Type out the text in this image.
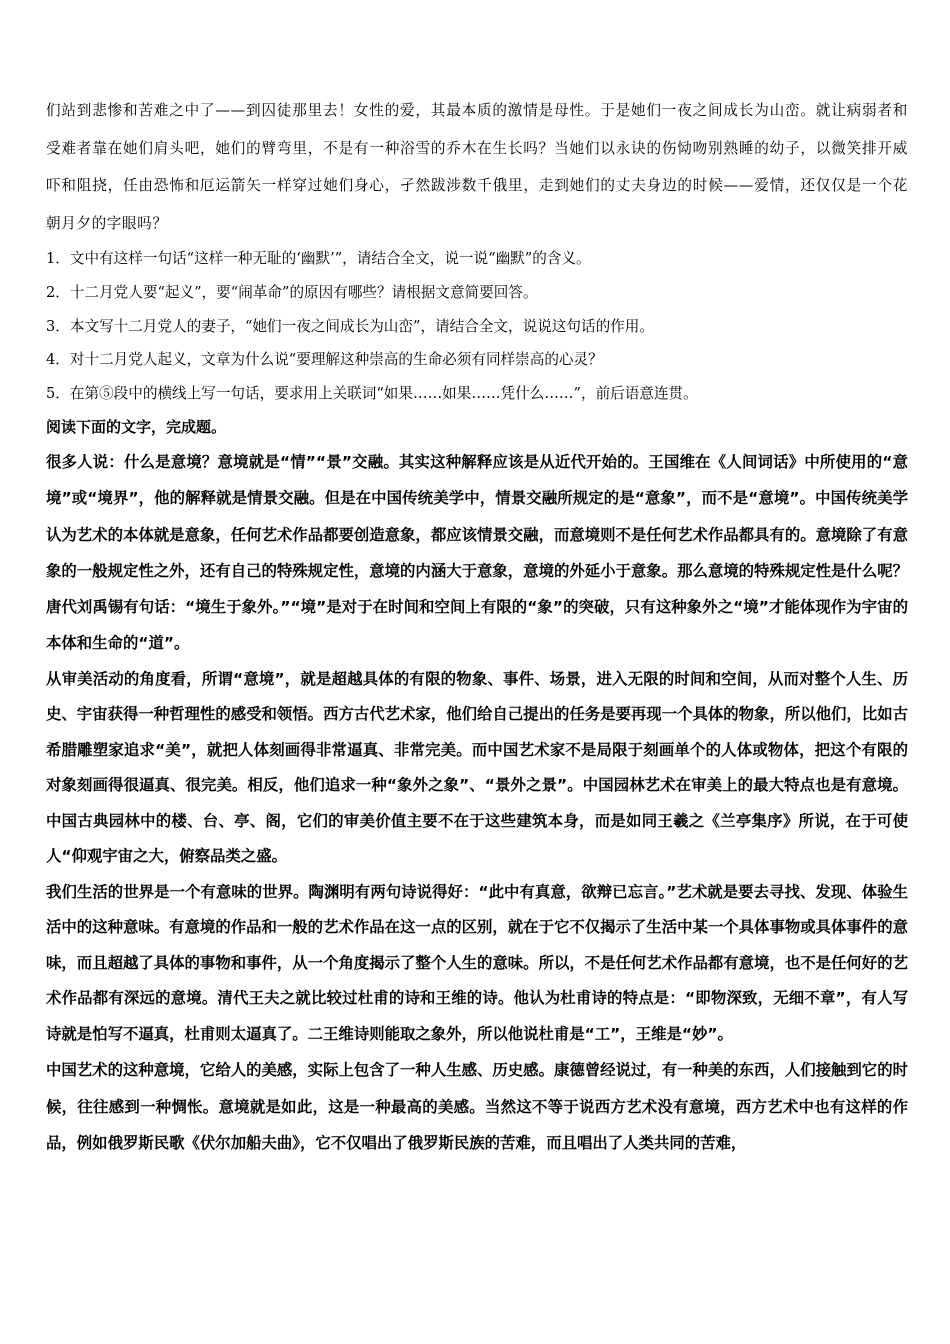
们站到悲惨和苦难之中了——到囚徒那里去！女性的爱，其最本质的激情是母性。于是她们一夜之间成长为山峦。就让病弱者和受难者靠在她们肩头吧，她们的臂弯里，不是有一种浴雪的乔木在生长吗？当她们以永诀的伤恸吻别熟睡的幼子，以微笑排开威吓和阻挠，任由恐怖和厄运箭矢一样穿过她们身心，孑然跋涉数千俄里，走到她们的丈夫身边的时候——爱情，还仅仅是一个花朝月夕的字眼吗？

1．文中有这样一句话“这样一种无耻的‘幽默’”，请结合全文，说一说“幽默”的含义。

2．十二月党人要“起义”，要“闹革命”的原因有哪些？请根据文意简要回答。

3．本文写十二月党人的妻子，“她们一夜之间成长为山峦”，请结合全文，说说这句话的作用。

4．对十二月党人起义，文章为什么说“要理解这种崇高的生命必须有同样崇高的心灵？

5．在第⑤段中的横线上写一句话，要求用上关联词“如果……如果……凭什么……”，前后语意连贯。

阅读下面的文字，完成题。

很多人说：什么是意境？意境就是“情”“景”交融。其实这种解释应该是从近代开始的。王国维在《人间词话》中所使用的“意境”或“境界”，他的解释就是情景交融。但是在中国传统美学中，情景交融所规定的是“意象”，而不是“意境”。中国传统美学认为艺术的本体就是意象，任何艺术作品都要创造意象，都应该情景交融，而意境则不是任何艺术作品都具有的。意境除了有意象的一般规定性之外，还有自己的特殊规定性，意境的内涵大于意象，意境的外延小于意象。那么意境的特殊规定性是什么呢？唐代刘禹锡有句话：“境生于象外。”“境”是对于在时间和空间上有限的“象”的突破，只有这种象外之“境”才能体现作为宇宙的本体和生命的“道”。

从审美活动的角度看，所谓“意境”，就是超越具体的有限的物象、事件、场景，进入无限的时间和空间，从而对整个人生、历史、宇宙获得一种哲理性的感受和领悟。西方古代艺术家，他们给自己提出的任务是要再现一个具体的物象，所以他们，比如古希腊雕塑家追求“美”，就把人体刻画得非常逼真、非常完美。而中国艺术家不是局限于刻画单个的人体或物体，把这个有限的对象刻画得很逼真、很完美。相反，他们追求一种“象外之象”、“景外之景”。中国园林艺术在审美上的最大特点也是有意境。中国古典园林中的楼、台、亭、阁，它们的审美价值主要不在于这些建筑本身，而是如同王羲之《兰亭集序》所说，在于可使人“仰观宇宙之大，俯察品类之盛。

我们生活的世界是一个有意味的世界。陶渊明有两句诗说得好：“此中有真意，欲辩已忘言。”艺术就是要去寻找、发现、体验生活中的这种意味。有意境的作品和一般的艺术作品在这一点的区别，就在于它不仅揭示了生活中某一个具体事物或具体事件的意味，而且超越了具体的事物和事件，从一个角度揭示了整个人生的意味。所以，不是任何艺术作品都有意境，也不是任何好的艺术作品都有深远的意境。清代王夫之就比较过杜甫的诗和王维的诗。他认为杜甫诗的特点是：“即物深致，无细不章”，有人写诗就是怕写不逼真，杜甫则太逼真了。二王维诗则能取之象外，所以他说杜甫是“工”，王维是“妙”。

中国艺术的这种意境，它给人的美感，实际上包含了一种人生感、历史感。康德曾经说过，有一种美的东西，人们接触到它的时候，往往感到一种惆怅。意境就是如此，这是一种最高的美感。当然这不等于说西方艺术没有意境，西方艺术中也有这样的作品，例如俄罗斯民歌《伏尔加船夫曲》，它不仅唱出了俄罗斯民族的苦难，而且唱出了人类共同的苦难，
